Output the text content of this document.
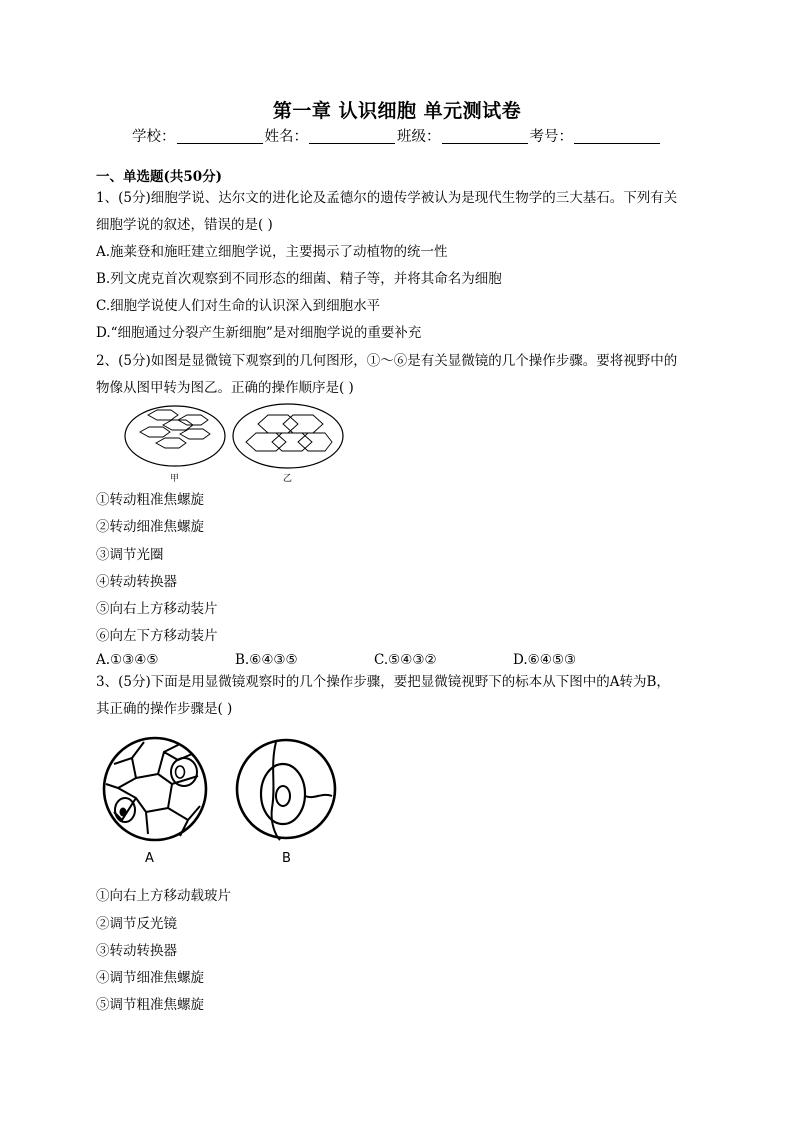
第一章 认识细胞 单元测试卷
学校：	姓名：	班级：	考号：
一、单选题(共50分)
1、(5分)细胞学说、达尔文的进化论及孟德尔的遗传学被认为是现代生物学的三大基石。下列有关
细胞学说的叙述，错误的是( )
A.施莱登和施旺建立细胞学说，主要揭示了动植物的统一性
B.列文虎克首次观察到不同形态的细菌、精子等，并将其命名为细胞
C.细胞学说使人们对生命的认识深入到细胞水平
D.“细胞通过分裂产生新细胞”是对细胞学说的重要补充
2、(5分)如图是显微镜下观察到的几何图形，①～⑥是有关显微镜的几个操作步骤。要将视野中的
物像从图甲转为图乙。正确的操作顺序是( )
甲	乙
①转动粗准焦螺旋
②转动细准焦螺旋
③调节光圈
④转动转换器
⑤向右上方移动装片
⑥向左下方移动装片
A.①③④⑤	B.⑥④③⑤	C.⑤④③②	D.⑥④⑤③
3、(5分)下面是用显微镜观察时的几个操作步骤，要把显微镜视野下的标本从下图中的A转为B，
其正确的操作步骤是( )
A	B
①向右上方移动载玻片
②调节反光镜
③转动转换器
④调节细准焦螺旋
⑤调节粗准焦螺旋
